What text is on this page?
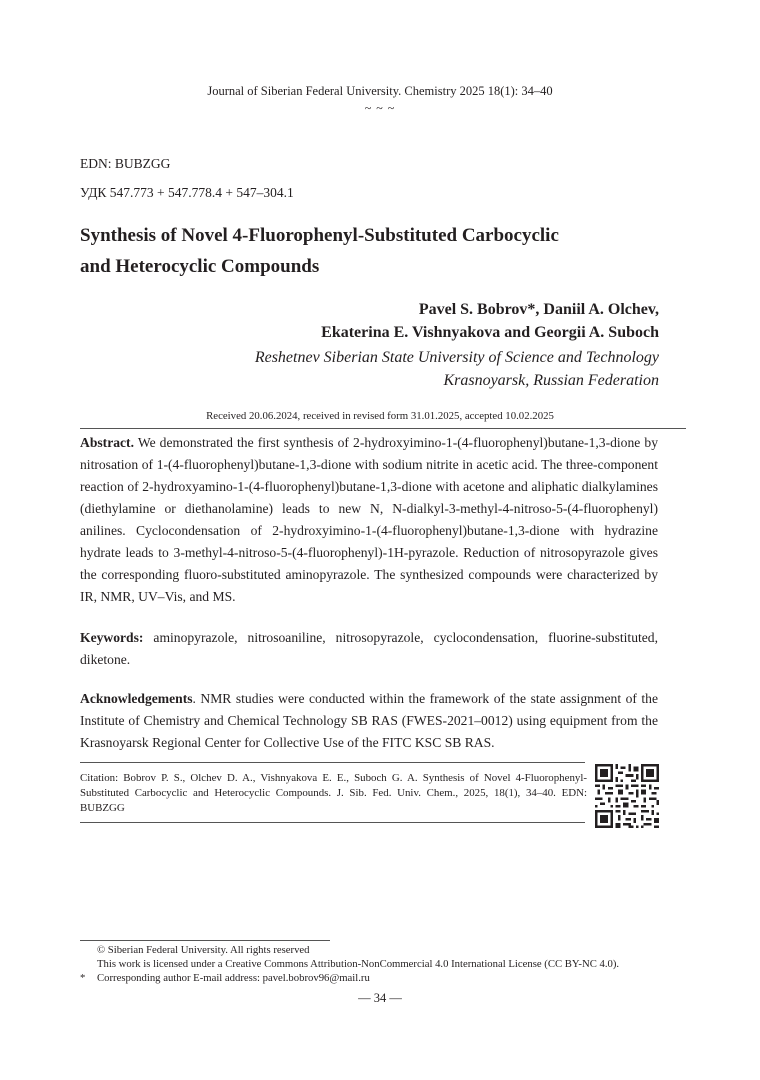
Journal of Siberian Federal University. Chemistry 2025 18(1): 34–40
~ ~ ~
EDN: BUBZGG
УДК 547.773 + 547.778.4 + 547–304.1
Synthesis of Novel 4-Fluorophenyl-Substituted Carbocyclic
and Heterocyclic Compounds
Pavel S. Bobrov*, Daniil A. Olchev,
Ekaterina E. Vishnyakova and Georgii A. Suboch
Reshetnev Siberian State University of Science and Technology
Krasnoyarsk, Russian Federation
Received 20.06.2024, received in revised form 31.01.2025, accepted 10.02.2025
Abstract. We demonstrated the first synthesis of 2-hydroxyimino-1-(4-fluorophenyl)butane-1,3-dione by nitrosation of 1-(4-fluorophenyl)butane-1,3-dione with sodium nitrite in acetic acid. The three-component reaction of 2-hydroxyamino-1-(4-fluorophenyl)butane-1,3-dione with acetone and aliphatic dialkylamines (diethylamine or diethanolamine) leads to new N, N-dialkyl-3-methyl-4-nitroso-5-(4-fluorophenyl) anilines. Cyclocondensation of 2-hydroxyimino-1-(4-fluorophenyl)butane-1,3-dione with hydrazine hydrate leads to 3-methyl-4-nitroso-5-(4-fluorophenyl)-1H-pyrazole. Reduction of nitrosopyrazole gives the corresponding fluoro-substituted aminopyrazole. The synthesized compounds were characterized by IR, NMR, UV–Vis, and MS.
Keywords: aminopyrazole, nitrosoaniline, nitrosopyrazole, cyclocondensation, fluorine-substituted, diketone.
Acknowledgements. NMR studies were conducted within the framework of the state assignment of the Institute of Chemistry and Chemical Technology SB RAS (FWES-2021–0012) using equipment from the Krasnoyarsk Regional Center for Collective Use of the FITC KSC SB RAS.
Citation: Bobrov P. S., Olchev D. A., Vishnyakova E. E., Suboch G. A. Synthesis of Novel 4-Fluorophenyl-Substituted Carbocyclic and Heterocyclic Compounds. J. Sib. Fed. Univ. Chem., 2025, 18(1), 34–40. EDN: BUBZGG
© Siberian Federal University. All rights reserved
This work is licensed under a Creative Commons Attribution-NonCommercial 4.0 International License (CC BY-NC 4.0).
* Corresponding author E-mail address: pavel.bobrov96@mail.ru
— 34 —
